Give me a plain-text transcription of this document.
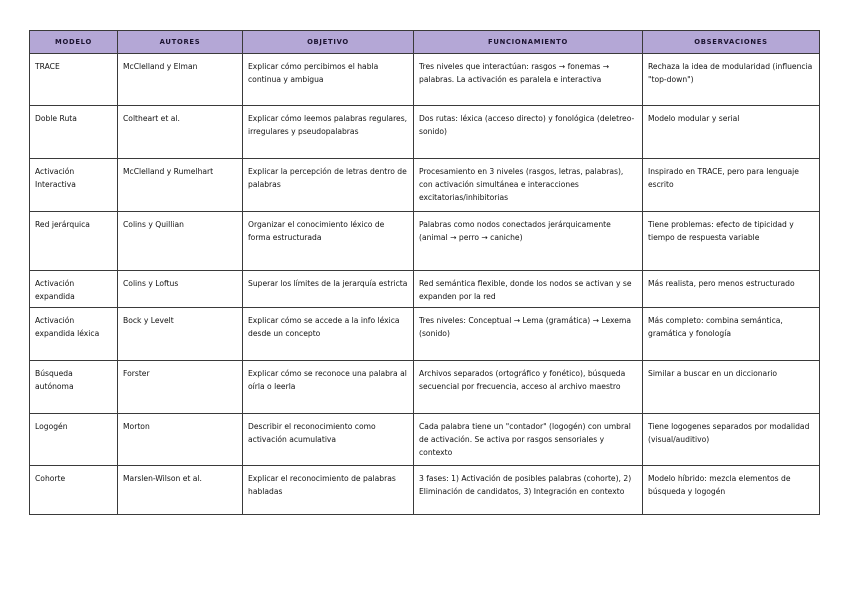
MODELO	AUTORES	OBJETIVO	FUNCIONAMIENTO	OBSERVACIONES
TRACE	McClelland y Elman	Explicar cómo percibimos el habla continua y ambigua	Tres niveles que interactúan: rasgos → fonemas → palabras. La activación es paralela e interactiva	Rechaza la idea de modularidad (influencia "top-down")
Doble Ruta	Coltheart et al.	Explicar cómo leemos palabras regulares, irregulares y pseudopalabras	Dos rutas: léxica (acceso directo) y fonológica (deletreo-sonido)	Modelo modular y serial
Activación Interactiva	McClelland y Rumelhart	Explicar la percepción de letras dentro de palabras	Procesamiento en 3 niveles (rasgos, letras, palabras), con activación simultánea e interacciones excitatorias/inhibitorias	Inspirado en TRACE, pero para lenguaje escrito
Red jerárquica	Colins y Quillian	Organizar el conocimiento léxico de forma estructurada	Palabras como nodos conectados jerárquicamente (animal → perro → caniche)	Tiene problemas: efecto de tipicidad y tiempo de respuesta variable
Activación expandida	Colins y Loftus	Superar los límites de la jerarquía estricta	Red semántica flexible, donde los nodos se activan y se expanden por la red	Más realista, pero menos estructurado
Activación expandida léxica	Bock y Levelt	Explicar cómo se accede a la info léxica desde un concepto	Tres niveles: Conceptual → Lema (gramática) → Lexema (sonido)	Más completo: combina semántica, gramática y fonología
Búsqueda autónoma	Forster	Explicar cómo se reconoce una palabra al oírla o leerla	Archivos separados (ortográfico y fonético), búsqueda secuencial por frecuencia, acceso al archivo maestro	Similar a buscar en un diccionario
Logogén	Morton	Describir el reconocimiento como activación acumulativa	Cada palabra tiene un "contador" (logogén) con umbral de activación. Se activa por rasgos sensoriales y contexto	Tiene logogenes separados por modalidad (visual/auditivo)
Cohorte	Marslen-Wilson et al.	Explicar el reconocimiento de palabras habladas	3 fases: 1) Activación de posibles palabras (cohorte), 2) Eliminación de candidatos, 3) Integración en contexto	Modelo híbrido: mezcla elementos de búsqueda y logogén
